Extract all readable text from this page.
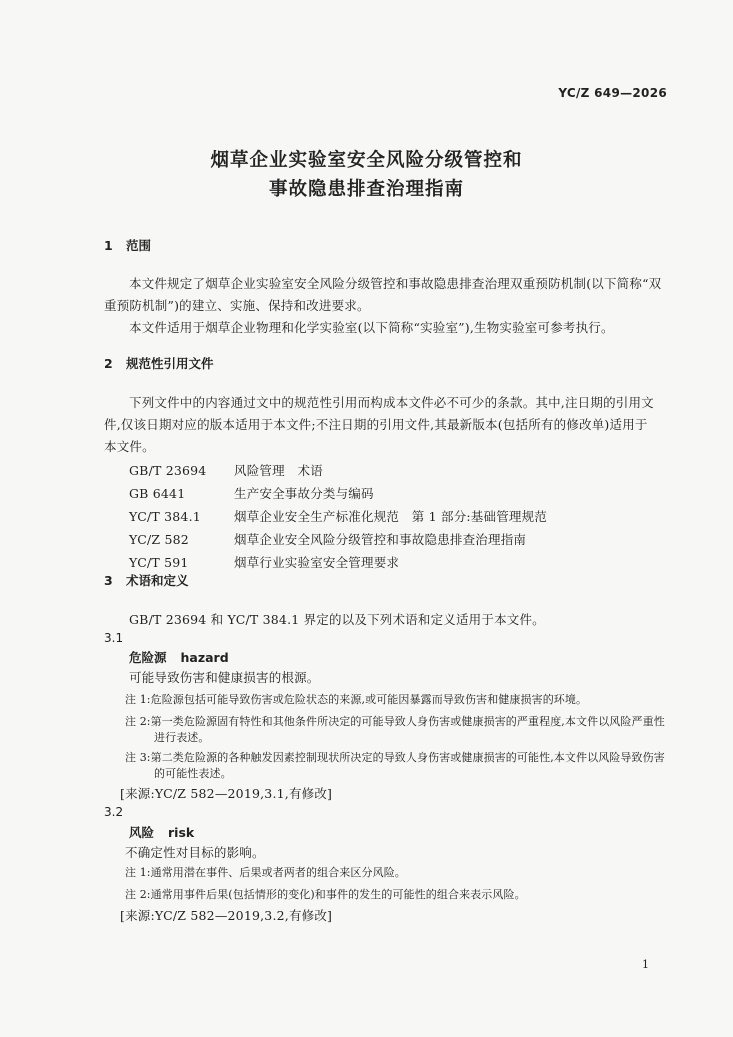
YC/Z 649—2026
烟草企业实验室安全风险分级管控和
事故隐患排查治理指南
1 范围
本文件规定了烟草企业实验室安全风险分级管控和事故隐患排查治理双重预防机制(以下简称“双
重预防机制”)的建立、实施、保持和改进要求。
本文件适用于烟草企业物理和化学实验室(以下简称“实验室”),生物实验室可参考执行。
2 规范性引用文件
下列文件中的内容通过文中的规范性引用而构成本文件必不可少的条款。其中,注日期的引用文
件,仅该日期对应的版本适用于本文件;不注日期的引用文件,其最新版本(包括所有的修改单)适用于
本文件。
GB/T 23694 风险管理　术语
GB 6441	生产安全事故分类与编码
YC/T 384.1	烟草企业安全生产标准化规范　第 1 部分:基础管理规范
YC/Z 582	烟草企业安全风险分级管控和事故隐患排查治理指南
YC/T 591	烟草行业实验室安全管理要求
3 术语和定义
GB/T 23694 和 YC/T 384.1 界定的以及下列术语和定义适用于本文件。
3.1
危险源 hazard
可能导致伤害和健康损害的根源。
注 1:危险源包括可能导致伤害或危险状态的来源,或可能因暴露而导致伤害和健康损害的环境。
注 2:第一类危险源固有特性和其他条件所决定的可能导致人身伤害或健康损害的严重程度,本文件以风险严重性
进行表述。
注 3:第二类危险源的各种触发因素控制现状所决定的导致人身伤害或健康损害的可能性,本文件以风险导致伤害
的可能性表述。
[来源:YC/Z 582—2019,3.1,有修改]
3.2
风险 risk
不确定性对目标的影响。
注 1:通常用潜在事件、后果或者两者的组合来区分风险。
注 2:通常用事件后果(包括情形的变化)和事件的发生的可能性的组合来表示风险。
[来源:YC/Z 582—2019,3.2,有修改]
1
